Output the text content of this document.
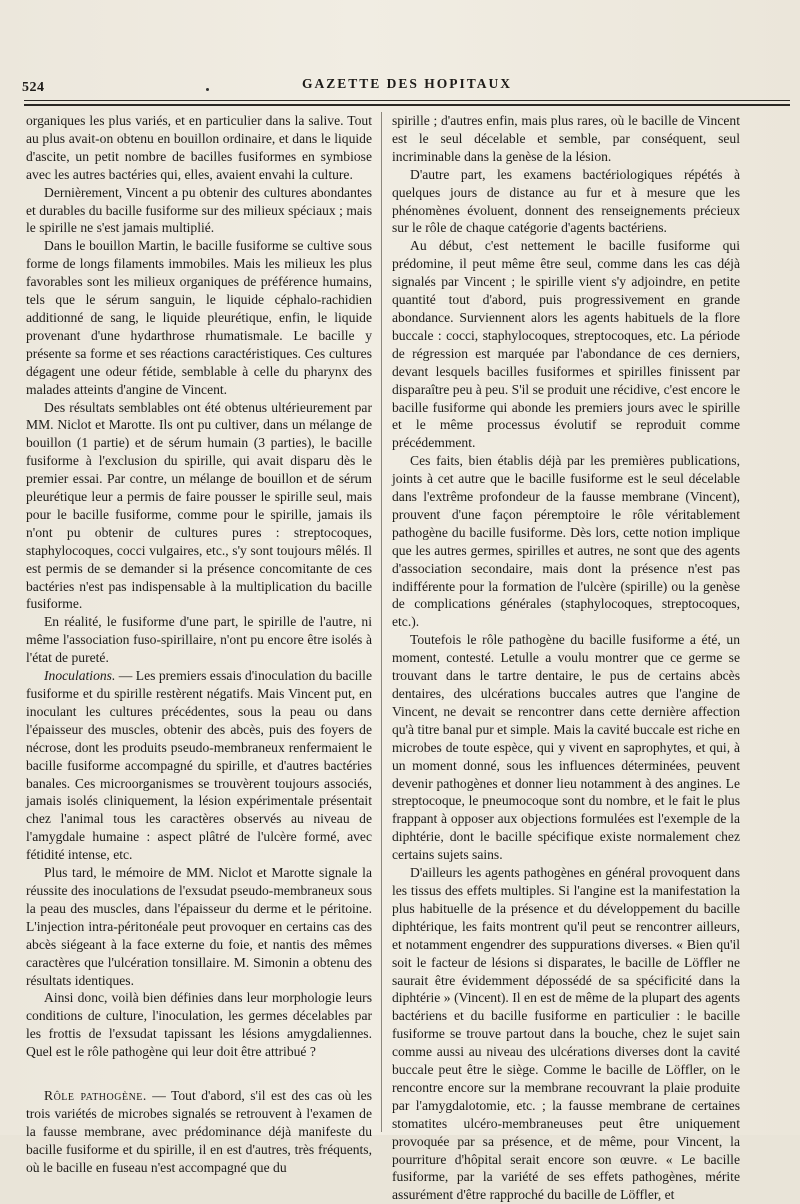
524	GAZETTE DES HOPITAUX

organiques les plus variés, et en particulier dans la salive. Tout au plus avait-on obtenu en bouillon ordinaire, et dans le liquide d'ascite, un petit nombre de bacilles fusiformes en symbiose avec les autres bactéries qui, elles, avaient envahi la culture.

Dernièrement, Vincent a pu obtenir des cultures abondantes et durables du bacille fusiforme sur des milieux spéciaux ; mais le spirille ne s'est jamais multiplié.

Dans le bouillon Martin, le bacille fusiforme se cultive sous forme de longs filaments immobiles. Mais les milieux les plus favorables sont les milieux organiques de préférence humains, tels que le sérum sanguin, le liquide céphalo-rachidien additionné de sang, le liquide pleurétique, enfin, le liquide provenant d'une hydarthrose rhumatismale. Le bacille y présente sa forme et ses réactions caractéristiques. Ces cultures dégagent une odeur fétide, semblable à celle du pharynx des malades atteints d'angine de Vincent.

Des résultats semblables ont été obtenus ultérieurement par MM. Niclot et Marotte. Ils ont pu cultiver, dans un mélange de bouillon (1 partie) et de sérum humain (3 parties), le bacille fusiforme à l'exclusion du spirille, qui avait disparu dès le premier essai. Par contre, un mélange de bouillon et de sérum pleurétique leur a permis de faire pousser le spirille seul, mais pour le bacille fusiforme, comme pour le spirille, jamais ils n'ont pu obtenir de cultures pures : streptocoques, staphylocoques, cocci vulgaires, etc., s'y sont toujours mêlés. Il est permis de se demander si la présence concomitante de ces bactéries n'est pas indispensable à la multiplication du bacille fusiforme.

En réalité, le fusiforme d'une part, le spirille de l'autre, ni même l'association fuso-spirillaire, n'ont pu encore être isolés à l'état de pureté.

Inoculations. — Les premiers essais d'inoculation du bacille fusiforme et du spirille restèrent négatifs. Mais Vincent put, en inoculant les cultures précédentes, sous la peau ou dans l'épaisseur des muscles, obtenir des abcès, puis des foyers de nécrose, dont les produits pseudo-membraneux renfermaient le bacille fusiforme accompagné du spirille, et d'autres bactéries banales. Ces microorganismes se trouvèrent toujours associés, jamais isolés cliniquement, la lésion expérimentale présentait chez l'animal tous les caractères observés au niveau de l'amygdale humaine : aspect plâtré de l'ulcère formé, avec fétidité intense, etc.

Plus tard, le mémoire de MM. Niclot et Marotte signale la réussite des inoculations de l'exsudat pseudo-membraneux sous la peau des muscles, dans l'épaisseur du derme et le péritoine. L'injection intra-péritonéale peut provoquer en certains cas des abcès siégeant à la face externe du foie, et nantis des mêmes caractères que l'ulcération tonsillaire. M. Simonin a obtenu des résultats identiques.

Ainsi donc, voilà bien définies dans leur morphologie leurs conditions de culture, l'inoculation, les germes décelables par les frottis de l'exsudat tapissant les lésions amygdaliennes. Quel est le rôle pathogène qui leur doit être attribué ?

Rôle pathogène. — Tout d'abord, s'il est des cas où les trois variétés de microbes signalés se retrouvent à l'examen de la fausse membrane, avec prédominance déjà manifeste du bacille fusiforme et du spirille, il en est d'autres, très fréquents, où le bacille en fuseau n'est accompagné que du

spirille ; d'autres enfin, mais plus rares, où le bacille de Vincent est le seul décelable et semble, par conséquent, seul incriminable dans la genèse de la lésion.

D'autre part, les examens bactériologiques répétés à quelques jours de distance au fur et à mesure que les phénomènes évoluent, donnent des renseignements précieux sur le rôle de chaque catégorie d'agents bactériens.

Au début, c'est nettement le bacille fusiforme qui prédomine, il peut même être seul, comme dans les cas déjà signalés par Vincent ; le spirille vient s'y adjoindre, en petite quantité tout d'abord, puis progressivement en grande abondance. Surviennent alors les agents habituels de la flore buccale : cocci, staphylocoques, streptocoques, etc. La période de régression est marquée par l'abondance de ces derniers, devant lesquels bacilles fusiformes et spirilles finissent par disparaître peu à peu. S'il se produit une récidive, c'est encore le bacille fusiforme qui abonde les premiers jours avec le spirille et le même processus évolutif se reproduit comme précédemment.

Ces faits, bien établis déjà par les premières publications, joints à cet autre que le bacille fusiforme est le seul décelable dans l'extrême profondeur de la fausse membrane (Vincent), prouvent d'une façon péremptoire le rôle véritablement pathogène du bacille fusiforme. Dès lors, cette notion implique que les autres germes, spirilles et autres, ne sont que des agents d'association secondaire, mais dont la présence n'est pas indifférente pour la formation de l'ulcère (spirille) ou la genèse de complications générales (staphylocoques, streptocoques, etc.).

Toutefois le rôle pathogène du bacille fusiforme a été, un moment, contesté. Letulle a voulu montrer que ce germe se trouvant dans le tartre dentaire, le pus de certains abcès dentaires, des ulcérations buccales autres que l'angine de Vincent, ne devait se rencontrer dans cette dernière affection qu'à titre banal pur et simple. Mais la cavité buccale est riche en microbes de toute espèce, qui y vivent en saprophytes, et qui, à un moment donné, sous les influences déterminées, peuvent devenir pathogènes et donner lieu notamment à des angines. Le streptocoque, le pneumocoque sont du nombre, et le fait le plus frappant à opposer aux objections formulées est l'exemple de la diphtérie, dont le bacille spécifique existe normalement chez certains sujets sains.

D'ailleurs les agents pathogènes en général provoquent dans les tissus des effets multiples. Si l'angine est la manifestation la plus habituelle de la présence et du développement du bacille diphtérique, les faits montrent qu'il peut se rencontrer ailleurs, et notamment engendrer des suppurations diverses. « Bien qu'il soit le facteur de lésions si disparates, le bacille de Löffler ne saurait être évidemment dépossédé de sa spécificité dans la diphtérie » (Vincent). Il en est de même de la plupart des agents bactériens et du bacille fusiforme en particulier : le bacille fusiforme se trouve partout dans la bouche, chez le sujet sain comme aussi au niveau des ulcérations diverses dont la cavité buccale peut être le siège. Comme le bacille de Löffler, on le rencontre encore sur la membrane recouvrant la plaie produite par l'amygdalotomie, etc. ; la fausse membrane de certaines stomatites ulcéro-membraneuses peut être uniquement provoquée par sa présence, et de même, pour Vincent, la pourriture d'hôpital serait encore son œuvre. « Le bacille fusiforme, par la variété de ses effets pathogènes, mérite assurément d'être rapproché du bacille de Löffler, et
